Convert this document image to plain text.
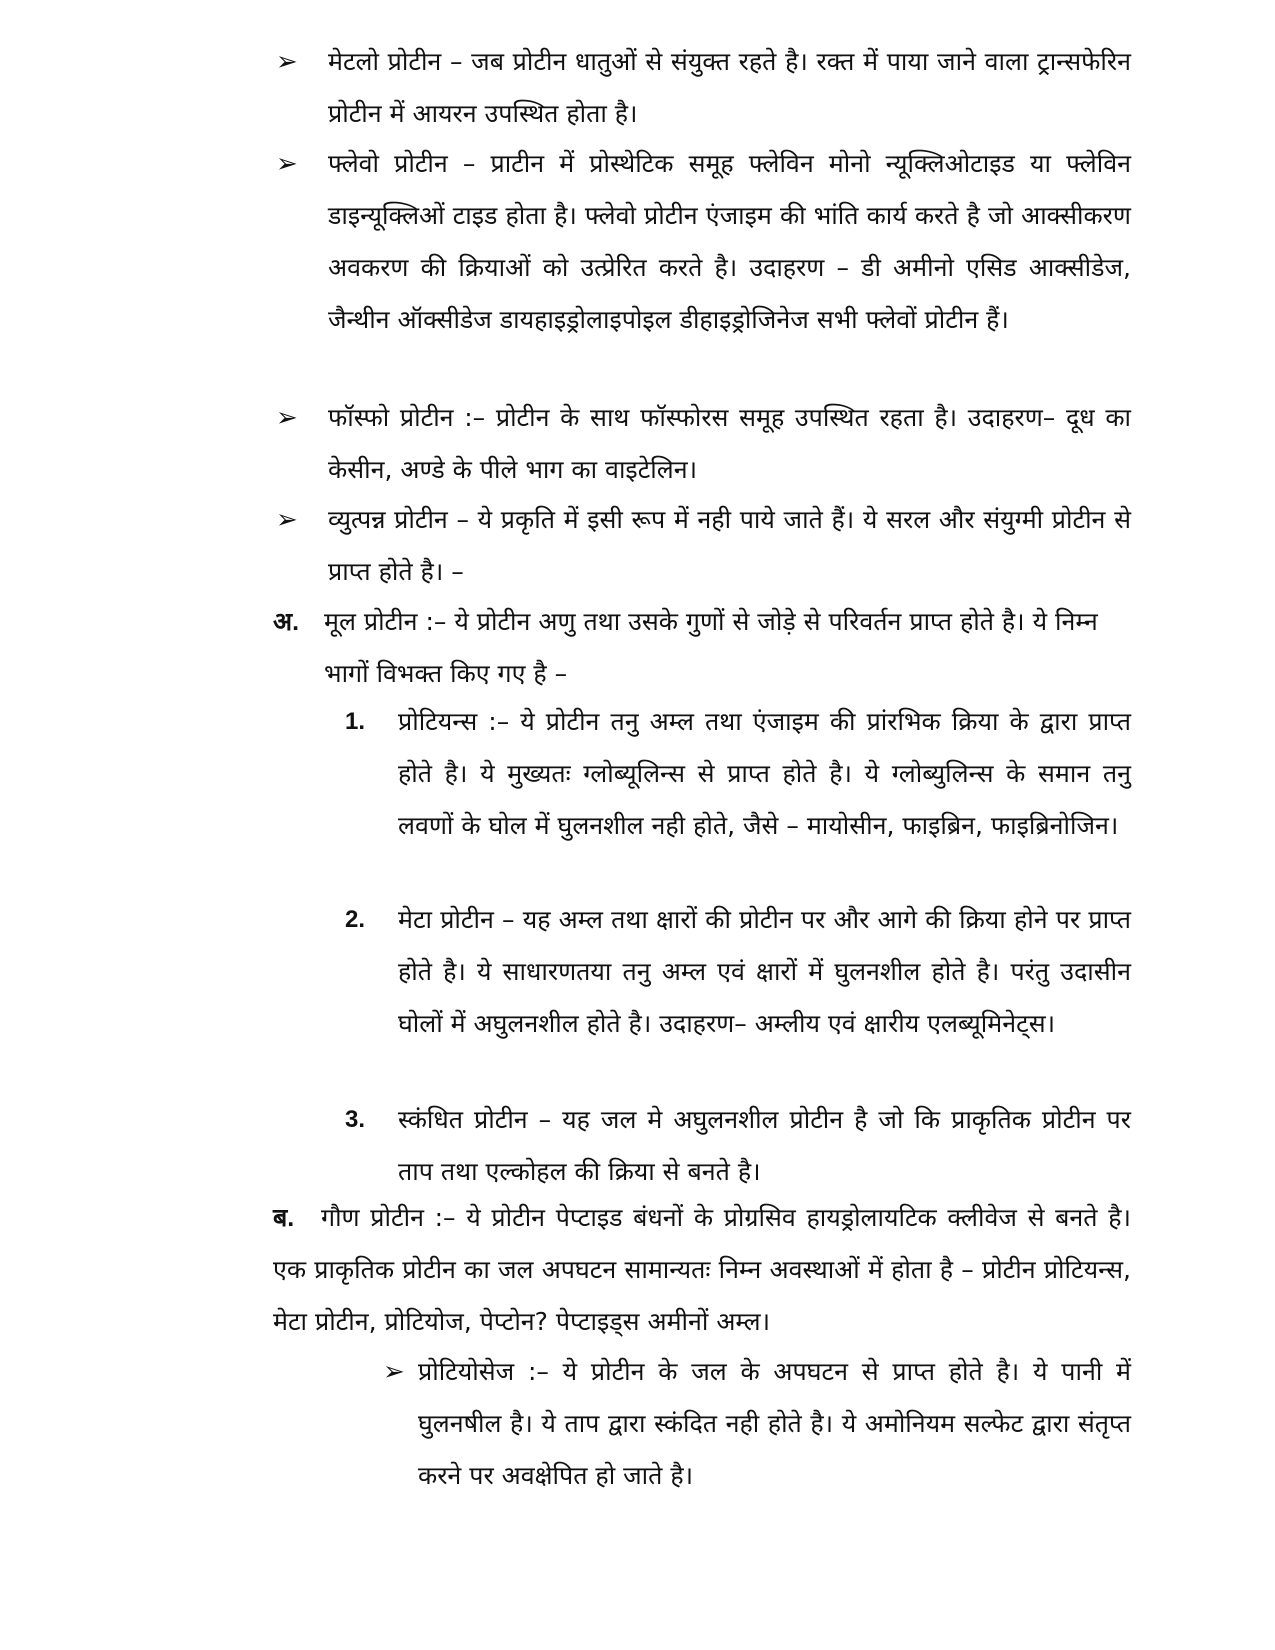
➢ मेटलो प्रोटीन – जब प्रोटीन धातुओं से संयुक्त रहते है। रक्त में पाया जाने वाला ट्रान्सफेरिन प्रोटीन में आयरन उपस्थित होता है।

➢ फ्लेवो प्रोटीन – प्राटीन में प्रोस्थेटिक समूह फ्लेविन मोनो न्यूक्लिओटाइड या फ्लेविन डाइन्यूक्लिओं टाइड होता है। फ्लेवो प्रोटीन एंजाइम की भांति कार्य करते है जो आक्सीकरण अवकरण की क्रियाओं को उत्प्रेरित करते है। उदाहरण – डी अमीनो एसिड आक्सीडेज, जैन्थीन ऑक्सीडेज डायहाइड्रोलाइपोइल डीहाइड्रोजिनेज सभी फ्लेवों प्रोटीन हैं।

➢ फॉस्फो प्रोटीन :– प्रोटीन के साथ फॉस्फोरस समूह उपस्थित रहता है। उदाहरण– दूध का केसीन, अण्डे के पीले भाग का वाइटेलिन।

➢ व्युत्पन्न प्रोटीन – ये प्रकृति में इसी रूप में नही पाये जाते हैं। ये सरल और संयुग्मी प्रोटीन से प्राप्त होते है। –

अ. मूल प्रोटीन :– ये प्रोटीन अणु तथा उसके गुणों से जोड़े से परिवर्तन प्राप्त होते है। ये निम्न भागों विभक्त किए गए है –

1. प्रोटियन्स :– ये प्रोटीन तनु अम्ल तथा एंजाइम की प्रांरभिक क्रिया के द्वारा प्राप्त होते है। ये मुख्यतः ग्लोब्यूलिन्स से प्राप्त होते है। ये ग्लोब्युलिन्स के समान तनु लवणों के घोल में घुलनशील नही होते, जैसे – मायोसीन, फाइब्रिन, फाइब्रिनोजिन।

2. मेटा प्रोटीन – यह अम्ल तथा क्षारों की प्रोटीन पर और आगे की क्रिया होने पर प्राप्त होते है। ये साधारणतया तनु अम्ल एवं क्षारों में घुलनशील होते है। परंतु उदासीन घोलों में अघुलनशील होते है। उदाहरण– अम्लीय एवं क्षारीय एलब्यूमिनेट्स।

3. स्कंधित प्रोटीन – यह जल मे अघुलनशील प्रोटीन है जो कि प्राकृतिक प्रोटीन पर ताप तथा एल्कोहल की क्रिया से बनते है।

ब. गौण प्रोटीन :– ये प्रोटीन पेप्टाइड बंधनों के प्रोग्रसिव हायड्रोलायटिक क्लीवेज से बनते है। एक प्राकृतिक प्रोटीन का जल अपघटन सामान्यतः निम्न अवस्थाओं में होता है – प्रोटीन प्रोटियन्स, मेटा प्रोटीन, प्रोटियोज, पेप्टोन? पेप्टाइड्स अमीनों अम्ल।

➢ प्रोटियोसेज :– ये प्रोटीन के जल के अपघटन से प्राप्त होते है। ये पानी में घुलनषील है। ये ताप द्वारा स्कंदित नही होते है। ये अमोनियम सल्फेट द्वारा संतृप्त करने पर अवक्षेपित हो जाते है।
